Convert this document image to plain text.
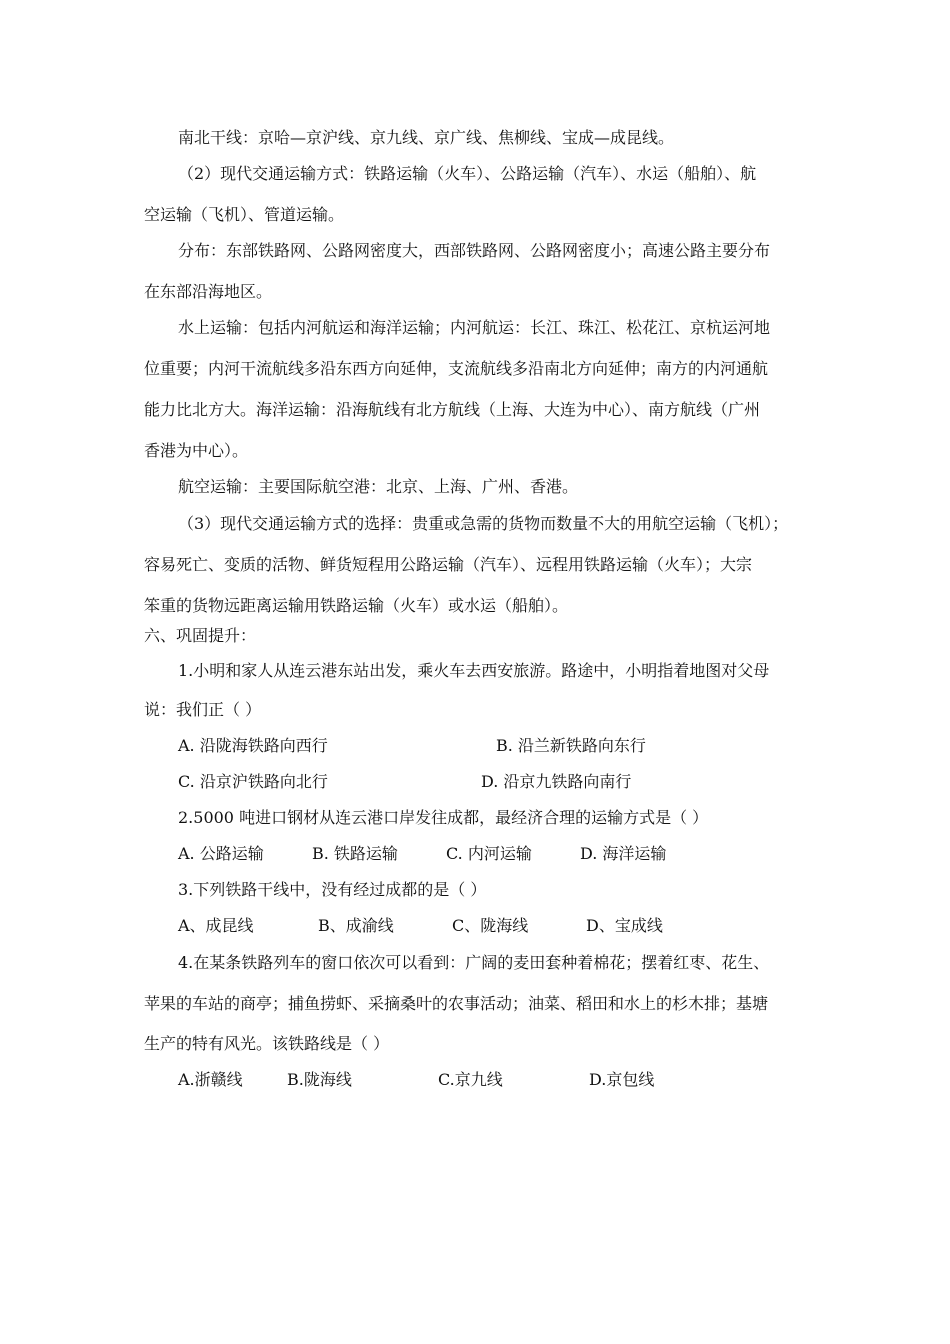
南北干线：京哈—京沪线、京九线、京广线、焦柳线、宝成—成昆线。
（2）现代交通运输方式：铁路运输（火车）、公路运输（汽车）、水运（船舶）、航
空运输（飞机）、管道运输。
分布：东部铁路网、公路网密度大，西部铁路网、公路网密度小；高速公路主要分布
在东部沿海地区。
水上运输：包括内河航运和海洋运输；内河航运：长江、珠江、松花江、京杭运河地
位重要；内河干流航线多沿东西方向延伸，支流航线多沿南北方向延伸；南方的内河通航
能力比北方大。海洋运输：沿海航线有北方航线（上海、大连为中心）、南方航线（广州
香港为中心）。
航空运输：主要国际航空港：北京、上海、广州、香港。
（3）现代交通运输方式的选择：贵重或急需的货物而数量不大的用航空运输（飞机）；
容易死亡、变质的活物、鲜货短程用公路运输（汽车）、远程用铁路运输（火车）；大宗
笨重的货物远距离运输用铁路运输（火车）或水运（船舶）。
六、巩固提升：
1.小明和家人从连云港东站出发，乘火车去西安旅游。路途中，小明指着地图对父母
说：我们正（ ）
A. 沿陇海铁路向西行	B. 沿兰新铁路向东行
C. 沿京沪铁路向北行	D. 沿京九铁路向南行
2.5000 吨进口钢材从连云港口岸发往成都，最经济合理的运输方式是（ ）
A. 公路运输	B. 铁路运输	C. 内河运输	D. 海洋运输
3.下列铁路干线中，没有经过成都的是（ ）
A、成昆线	B、成渝线	C、陇海线	D、宝成线
4.在某条铁路列车的窗口依次可以看到：广阔的麦田套种着棉花；摆着红枣、花生、
苹果的车站的商亭；捕鱼捞虾、采摘桑叶的农事活动；油菜、稻田和水上的杉木排；基塘
生产的特有风光。该铁路线是（ ）
A.浙赣线	B.陇海线	C.京九线	D.京包线
